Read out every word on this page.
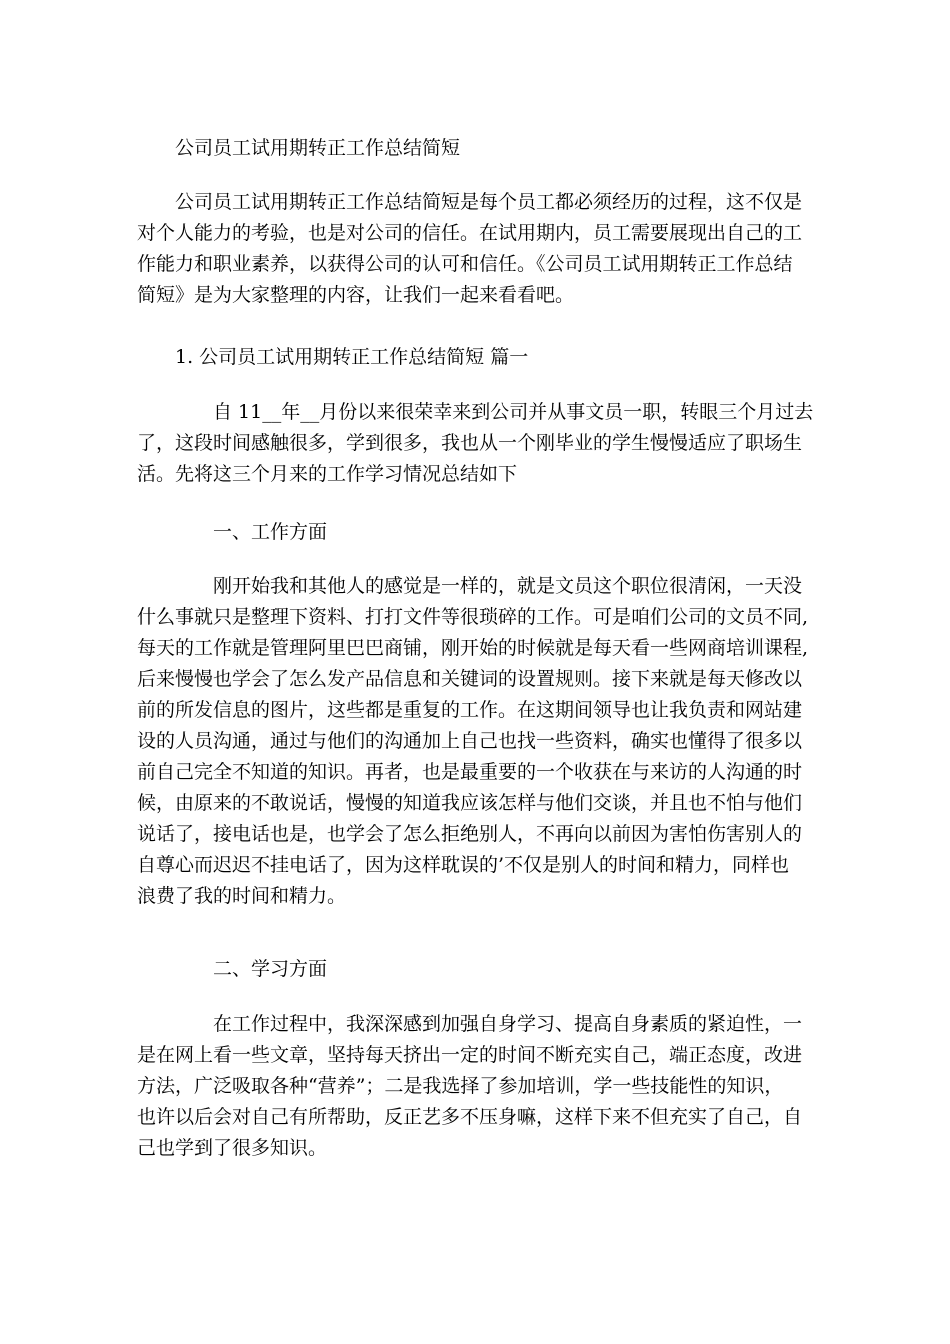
公司员工试用期转正工作总结简短

公司员工试用期转正工作总结简短是每个员工都必须经历的过程，这不仅是
对个人能力的考验，也是对公司的信任。在试用期内，员工需要展现出自己的工
作能力和职业素养，以获得公司的认可和信任。《公司员工试用期转正工作总结
简短》是为大家整理的内容，让我们一起来看看吧。

1. 公司员工试用期转正工作总结简短 篇一

自 11__年__月份以来很荣幸来到公司并从事文员一职，转眼三个月过去
了，这段时间感触很多，学到很多，我也从一个刚毕业的学生慢慢适应了职场生
活。先将这三个月来的工作学习情况总结如下

一、工作方面

刚开始我和其他人的感觉是一样的，就是文员这个职位很清闲，一天没
什么事就只是整理下资料、打打文件等很琐碎的工作。可是咱们公司的文员不同,
每天的工作就是管理阿里巴巴商铺，刚开始的时候就是每天看一些网商培训课程,
后来慢慢也学会了怎么发产品信息和关键词的设置规则。接下来就是每天修改以
前的所发信息的图片，这些都是重复的工作。在这期间领导也让我负责和网站建
设的人员沟通，通过与他们的沟通加上自己也找一些资料，确实也懂得了很多以
前自己完全不知道的知识。再者，也是最重要的一个收获在与来访的人沟通的时
候，由原来的不敢说话，慢慢的知道我应该怎样与他们交谈，并且也不怕与他们
说话了，接电话也是，也学会了怎么拒绝别人，不再向以前因为害怕伤害别人的
自尊心而迟迟不挂电话了，因为这样耽误的’不仅是别人的时间和精力，同样也
浪费了我的时间和精力。

二、学习方面

在工作过程中，我深深感到加强自身学习、提高自身素质的紧迫性，一
是在网上看一些文章，坚持每天挤出一定的时间不断充实自己，端正态度，改进
方法，广泛吸取各种“营养”；二是我选择了参加培训，学一些技能性的知识，
也许以后会对自己有所帮助，反正艺多不压身嘛，这样下来不但充实了自己，自
己也学到了很多知识。
